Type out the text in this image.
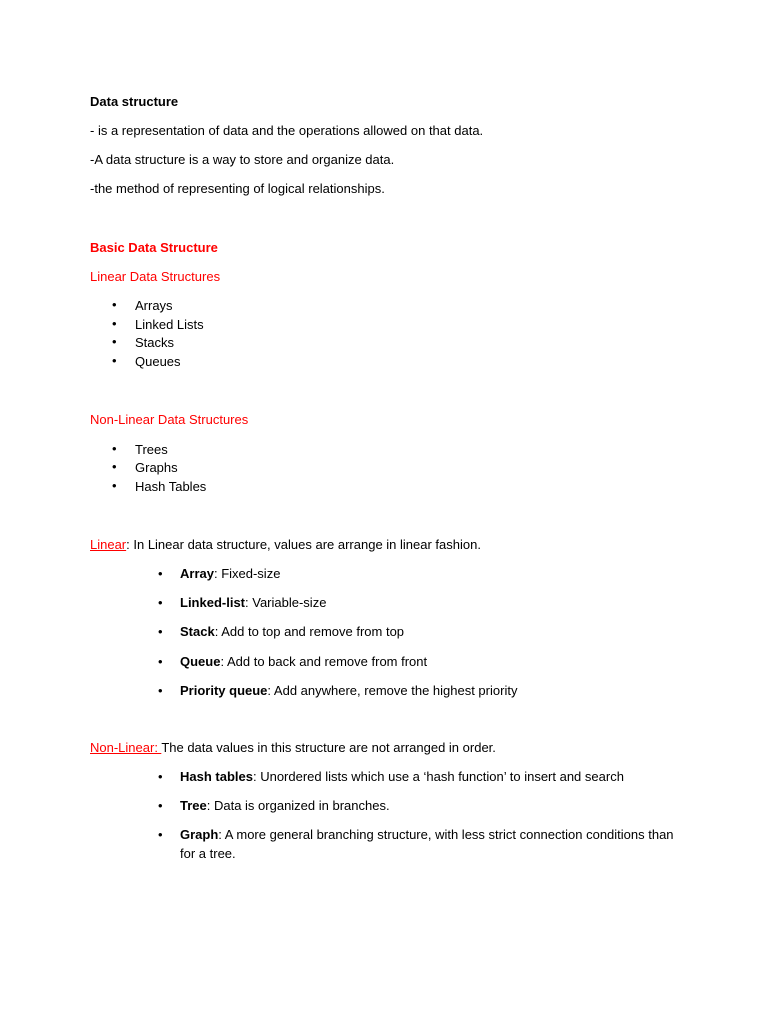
Data structure
- is a representation of data and the operations allowed on that data.
-A data structure is a way to store and organize data.
-the method of representing of logical relationships.
Basic Data Structure
Linear Data Structures
• Arrays
• Linked Lists
• Stacks
• Queues
Non-Linear Data Structures
• Trees
• Graphs
• Hash Tables
Linear: In Linear data structure, values are arrange in linear fashion.
• Array: Fixed-size
• Linked-list: Variable-size
• Stack: Add to top and remove from top
• Queue: Add to back and remove from front
• Priority queue: Add anywhere, remove the highest priority
Non-Linear: The data values in this structure are not arranged in order.
• Hash tables: Unordered lists which use a ‘hash function’ to insert and search
• Tree: Data is organized in branches.
• Graph: A more general branching structure, with less strict connection conditions than
for a tree.
